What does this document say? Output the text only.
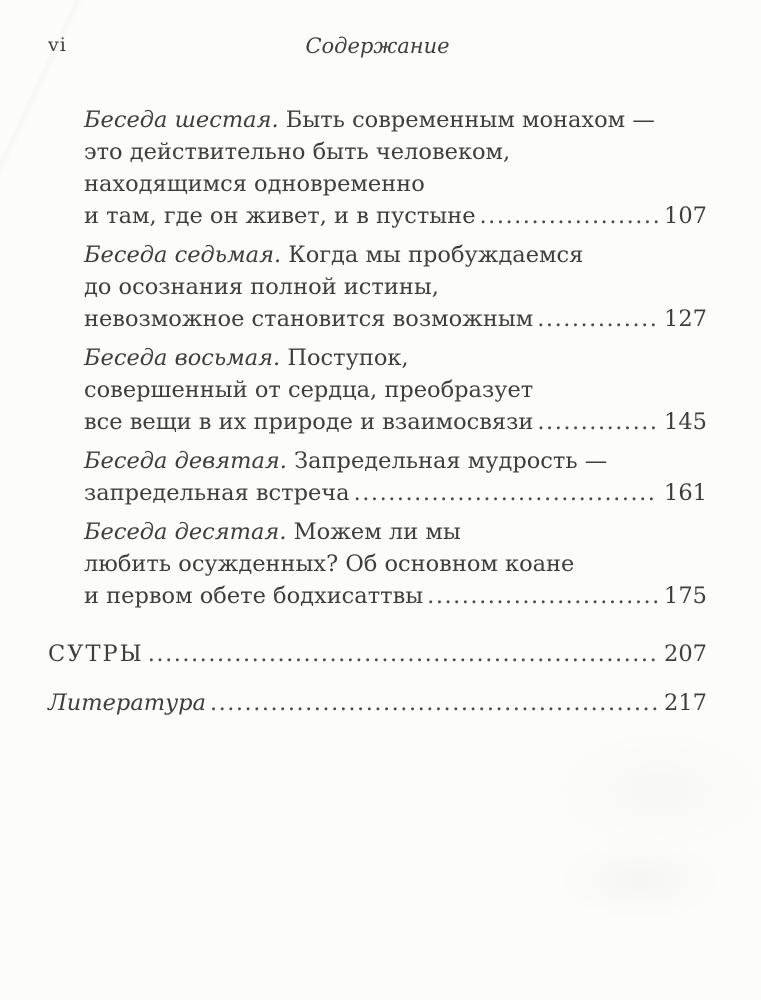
vi	Содержание
Беседа шестая. Быть современным монахом —
это действительно быть человеком,
находящимся одновременно
и там, где он живет, и в пустыне .....	107
Беседа седьмая. Когда мы пробуждаемся
до осознания полной истины,
невозможное становится возможным .....	127
Беседа восьмая. Поступок,
совершенный от сердца, преобразует
все вещи в их природе и взаимосвязи .....	145
Беседа девятая. Запредельная мудрость —
запредельная встреча .....	161
Беседа десятая. Можем ли мы
любить осужденных? Об основном коане
и первом обете бодхисаттвы .....	175
СУТРЫ .....	207
Литература .....	217
